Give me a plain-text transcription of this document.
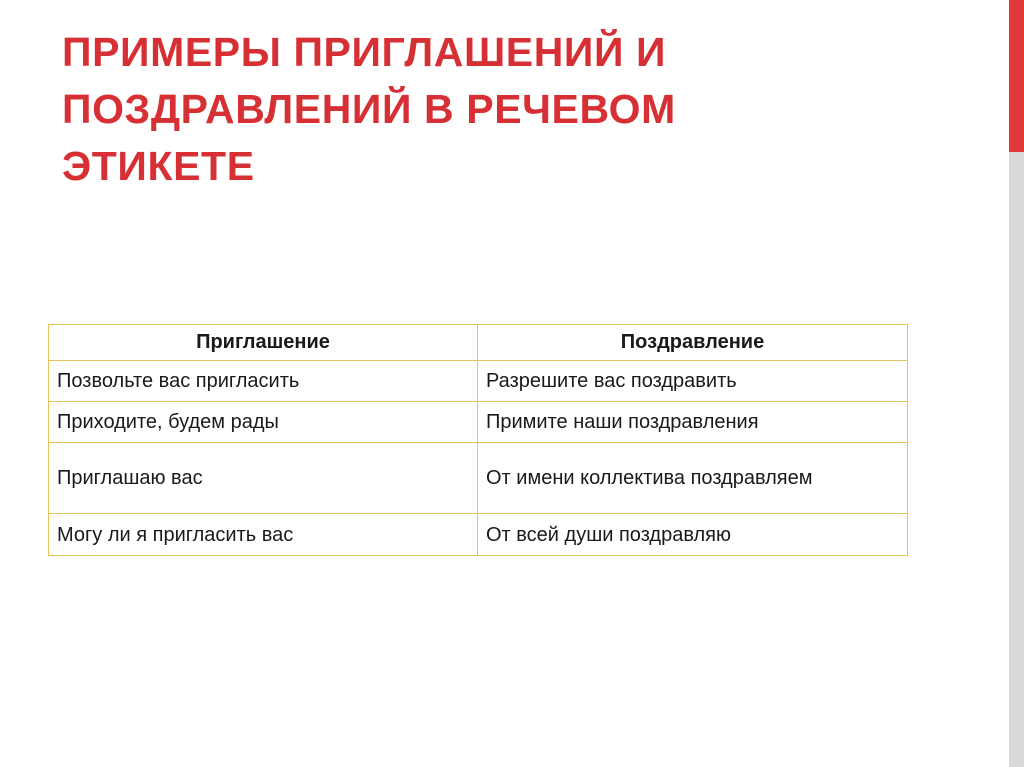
ПРИМЕРЫ ПРИГЛАШЕНИЙ И
ПОЗДРАВЛЕНИЙ В РЕЧЕВОМ
ЭТИКЕТЕ
Приглашение	Поздравление
Позвольте вас пригласить	Разрешите вас поздравить
Приходите, будем рады	Примите наши поздравления
Приглашаю вас	От имени коллектива поздравляем
Могу ли я пригласить вас	От всей души поздравляю
